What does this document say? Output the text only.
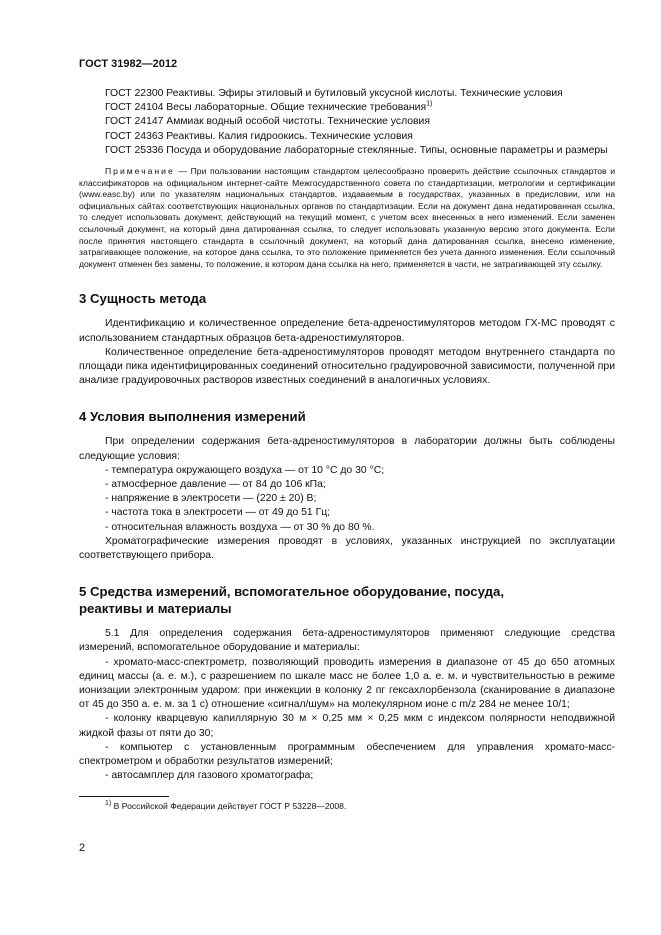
ГОСТ 31982—2012

ГОСТ 22300 Реактивы. Эфиры этиловый и бутиловый уксусной кислоты. Технические условия

ГОСТ 24104 Весы лабораторные. Общие технические требования$^{1)}$

ГОСТ 24147 Аммиак водный особой чистоты. Технические условия

ГОСТ 24363 Реактивы. Калия гидроокись. Технические условия

ГОСТ 25336 Посуда и оборудование лабораторные стеклянные. Типы, основные параметры и размеры

Примечание — При пользовании настоящим стандартом целесообразно проверить действие ссылочных стандартов и классификаторов на официальном интернет-сайте Межгосударственного совета по стандартизации, метрологии и сертификации (www.easc.by) или по указателям национальных стандартов, издаваемым в государствах, указанных в предисловии, или на официальных сайтах соответствующих национальных органов по стандартизации. Если на документ дана недатированная ссылка, то следует использовать документ, действующий на текущий момент, с учетом всех внесенных в него изменений. Если заменен ссылочный документ, на который дана датированная ссылка, то следует использовать указанную версию этого документа. Если после принятия настоящего стандарта в ссылочный документ, на который дана датированная ссылка, внесено изменение, затрагивающее положение, на которое дана ссылка, то это положение применяется без учета данного изменения. Если ссылочный документ отменен без замены, то положение, в котором дана ссылка на него, применяется в части, не затрагивающей эту ссылку.

3 Сущность метода

Идентификацию и количественное определение бета-адреностимуляторов методом ГХ-МС проводят с использованием стандартных образцов бета-адреностимуляторов.

Количественное определение бета-адреностимуляторов проводят методом внутреннего стандарта по площади пика идентифицированных соединений относительно градуировочной зависимости, полученной при анализе градуировочных растворов известных соединений в аналогичных условиях.

4 Условия выполнения измерений

При определении содержания бета-адреностимуляторов в лаборатории должны быть соблюдены следующие условия:

- температура окружающего воздуха — от 10 °С до 30 °С;

- атмосферное давление — от 84 до 106 кПа;

- напряжение в электросети — (220 ± 20) В;

- частота тока в электросети — от 49 до 51 Гц;

- относительная влажность воздуха — от 30 % до 80 %.

Хроматографические измерения проводят в условиях, указанных инструкцией по эксплуатации соответствующего прибора.

5 Средства измерений, вспомогательное оборудование, посуда,
реактивы и материалы

5.1 Для определения содержания бета-адреностимуляторов применяют следующие средства измерений, вспомогательное оборудование и материалы:

- хромато-масс-спектрометр, позволяющий проводить измерения в диапазоне от 45 до 650 атомных единиц массы (а. е. м.), с разрешением по шкале масс не более 1,0 а. е. м. и чувствительностью в режиме ионизации электронным ударом: при инжекции в колонку 2 пг гексахлорбензола (сканирование в диапазоне от 45 до 350 а. е. м. за 1 с) отношение «сигнал/шум» на молекулярном ионе с m/z 284 не менее 10/1;

- колонку кварцевую капиллярную 30 м × 0,25 мм × 0,25 мкм с индексом полярности неподвижной жидкой фазы от пяти до 30;

- компьютер с установленным программным обеспечением для управления хромато-масс-спектрометром и обработки результатов измерений;

- автосамплер для газового хроматографа;

$^{1)}$ В Российской Федерации действует ГОСТ Р 53228—2008.
2
